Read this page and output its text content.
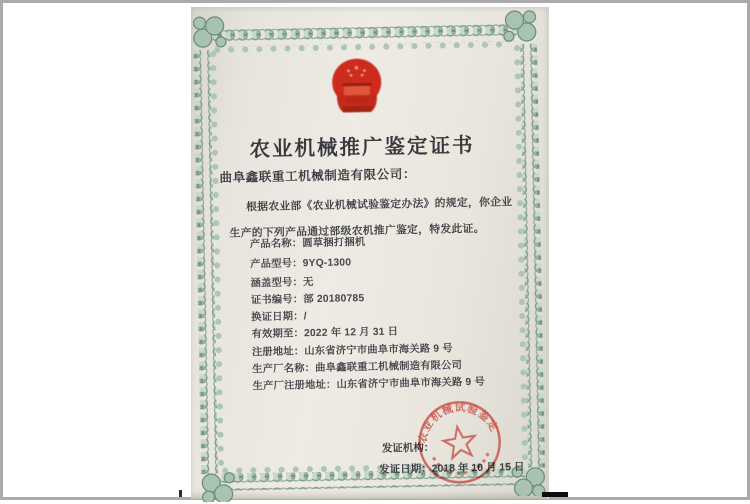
农业机械推广鉴定证书
曲阜鑫联重工机械制造有限公司：
根据农业部《农业机械试验鉴定办法》的规定，你企业
生产的下列产品通过部级农机推广鉴定，特发此证。
产品名称：圆草捆打捆机
产品型号：9YQ-1300
涵盖型号：无
证书编号：部 20180785
换证日期：/
有效期至：2022 年 12 月 31 日
注册地址：山东省济宁市曲阜市海关路 9 号
生产厂名称：曲阜鑫联重工机械制造有限公司
生产厂注册地址：山东省济宁市曲阜市海关路 9 号
发证机构：
发证日期：2018 年 10 月 15 日
农业机械试验鉴定
